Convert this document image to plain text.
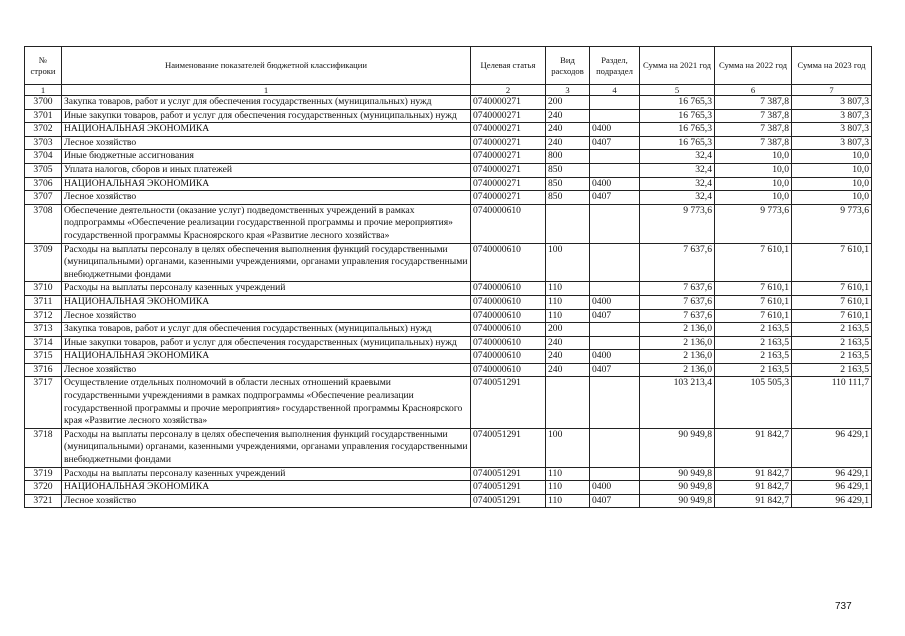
№ строки	Наименование показателей бюджетной классификации	Целевая статья	Вид расходов	Раздел, подраздел	Сумма на 2021 год	Сумма на 2022 год	Сумма на 2023 год
1	1	2	3	4	5	6	7
3700	Закупка товаров, работ и услуг для обеспечения государственных (муниципальных) нужд	0740000271	200		16 765,3	7 387,8	3 807,3
3701	Иные закупки товаров, работ и услуг для обеспечения государственных (муниципальных) нужд	0740000271	240		16 765,3	7 387,8	3 807,3
3702	НАЦИОНАЛЬНАЯ ЭКОНОМИКА	0740000271	240	0400	16 765,3	7 387,8	3 807,3
3703	Лесное хозяйство	0740000271	240	0407	16 765,3	7 387,8	3 807,3
3704	Иные бюджетные ассигнования	0740000271	800		32,4	10,0	10,0
3705	Уплата налогов, сборов и иных платежей	0740000271	850		32,4	10,0	10,0
3706	НАЦИОНАЛЬНАЯ ЭКОНОМИКА	0740000271	850	0400	32,4	10,0	10,0
3707	Лесное хозяйство	0740000271	850	0407	32,4	10,0	10,0
3708	Обеспечение деятельности (оказание услуг) подведомственных учреждений в рамках подпрограммы «Обеспечение реализации государственной программы и прочие мероприятия» государственной программы Красноярского края «Развитие лесного хозяйства»	0740000610			9 773,6	9 773,6	9 773,6
3709	Расходы на выплаты персоналу в целях обеспечения выполнения функций государственными (муниципальными) органами, казенными учреждениями, органами управления государственными внебюджетными фондами	0740000610	100		7 637,6	7 610,1	7 610,1
3710	Расходы на выплаты персоналу казенных учреждений	0740000610	110		7 637,6	7 610,1	7 610,1
3711	НАЦИОНАЛЬНАЯ ЭКОНОМИКА	0740000610	110	0400	7 637,6	7 610,1	7 610,1
3712	Лесное хозяйство	0740000610	110	0407	7 637,6	7 610,1	7 610,1
3713	Закупка товаров, работ и услуг для обеспечения государственных (муниципальных) нужд	0740000610	200		2 136,0	2 163,5	2 163,5
3714	Иные закупки товаров, работ и услуг для обеспечения государственных (муниципальных) нужд	0740000610	240		2 136,0	2 163,5	2 163,5
3715	НАЦИОНАЛЬНАЯ ЭКОНОМИКА	0740000610	240	0400	2 136,0	2 163,5	2 163,5
3716	Лесное хозяйство	0740000610	240	0407	2 136,0	2 163,5	2 163,5
3717	Осуществление отдельных полномочий в области лесных отношений краевыми государственными учреждениями в рамках подпрограммы «Обеспечение реализации государственной программы и прочие мероприятия» государственной программы Красноярского края «Развитие лесного хозяйства»	0740051291			103 213,4	105 505,3	110 111,7
3718	Расходы на выплаты персоналу в целях обеспечения выполнения функций государственными (муниципальными) органами, казенными учреждениями, органами управления государственными внебюджетными фондами	0740051291	100		90 949,8	91 842,7	96 429,1
3719	Расходы на выплаты персоналу казенных учреждений	0740051291	110		90 949,8	91 842,7	96 429,1
3720	НАЦИОНАЛЬНАЯ ЭКОНОМИКА	0740051291	110	0400	90 949,8	91 842,7	96 429,1
3721	Лесное хозяйство	0740051291	110	0407	90 949,8	91 842,7	96 429,1
737
